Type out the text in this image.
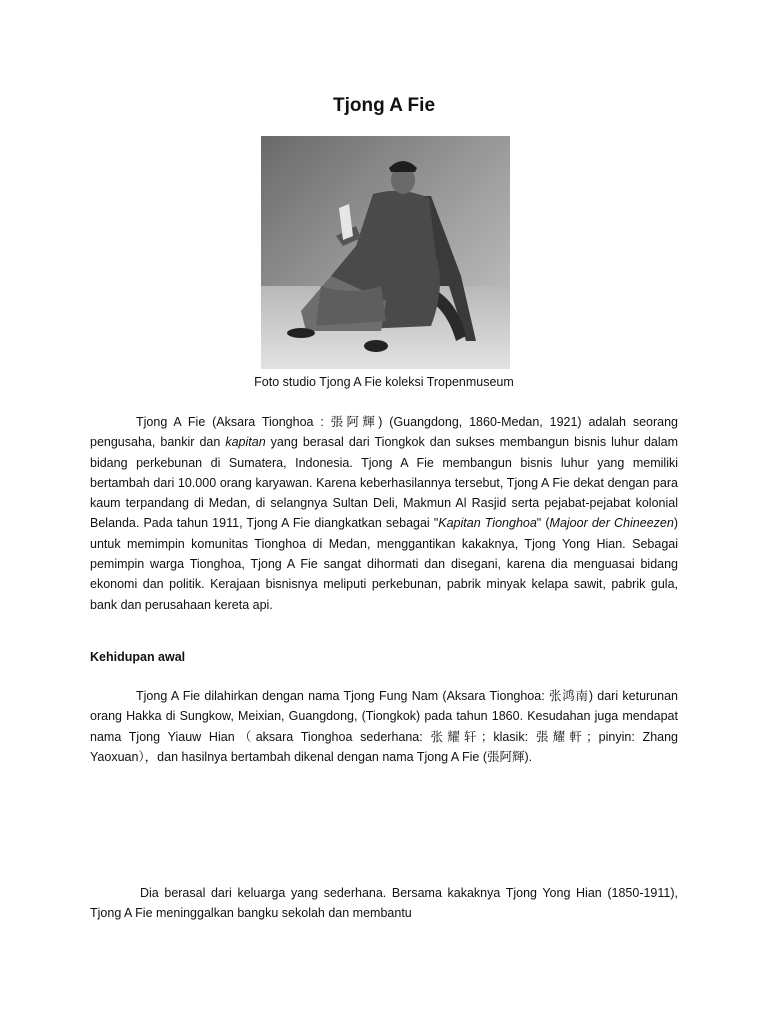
Tjong A Fie
Foto studio Tjong A Fie koleksi Tropenmuseum

Tjong A Fie (Aksara Tionghoa : 張阿輝) (Guangdong, 1860-Medan, 1921) adalah seorang pengusaha, bankir dan kapitan yang berasal dari Tiongkok dan sukses membangun bisnis luhur dalam bidang perkebunan di Sumatera, Indonesia. Tjong A Fie membangun bisnis luhur yang memiliki bertambah dari 10.000 orang karyawan. Karena keberhasilannya tersebut, Tjong A Fie dekat dengan para kaum terpandang di Medan, di selangnya Sultan Deli, Makmun Al Rasjid serta pejabat-pejabat kolonial Belanda. Pada tahun 1911, Tjong A Fie diangkatkan sebagai "Kapitan Tionghoa" (Majoor der Chineezen) untuk memimpin komunitas Tionghoa di Medan, menggantikan kakaknya, Tjong Yong Hian. Sebagai pemimpin warga Tionghoa, Tjong A Fie sangat dihormati dan disegani, karena dia menguasai bidang ekonomi dan politik. Kerajaan bisnisnya meliputi perkebunan, pabrik minyak kelapa sawit, pabrik gula, bank dan perusahaan kereta api.

Kehidupan awal

Tjong A Fie dilahirkan dengan nama Tjong Fung Nam (Aksara Tionghoa: 张鸿南) dari keturunan orang Hakka di Sungkow, Meixian, Guangdong, (Tiongkok) pada tahun 1860. Kesudahan juga mendapat nama Tjong Yiauw Hian（aksara Tionghoa sederhana: 张耀轩；klasik: 張耀軒；pinyin: Zhang Yaoxuan），dan hasilnya bertambah dikenal dengan nama Tjong A Fie (張阿輝).

Dia berasal dari keluarga yang sederhana. Bersama kakaknya Tjong Yong Hian (1850-1911), Tjong A Fie meninggalkan bangku sekolah dan membantu
